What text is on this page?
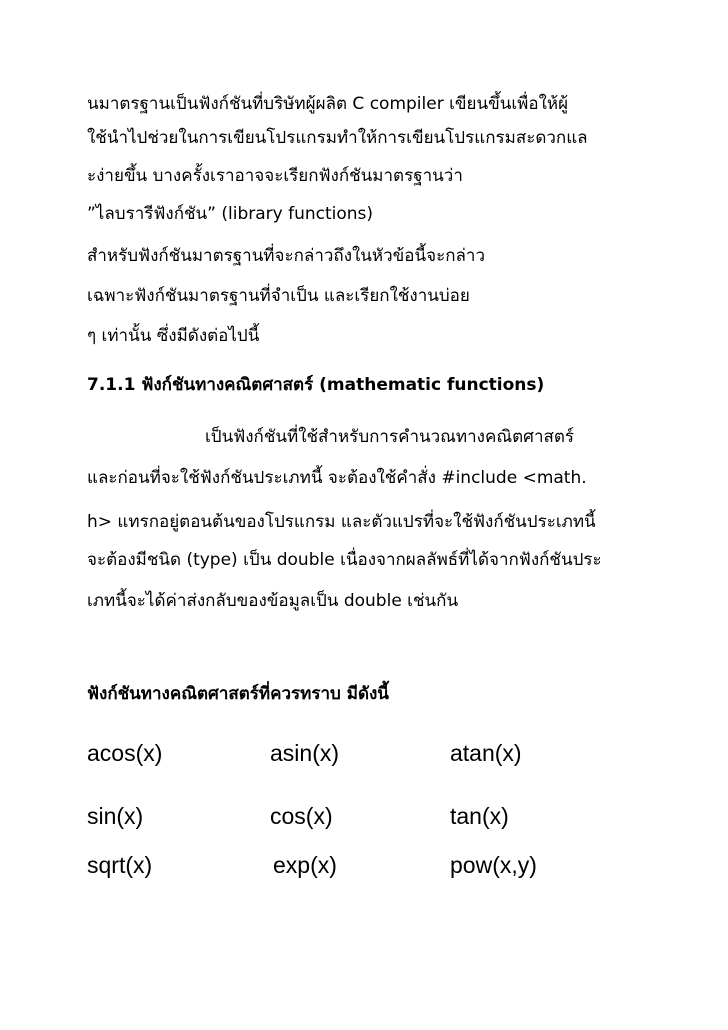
นมาตรฐานเป็นฟังก์ชันที่บริษัทผู้ผลิต C compiler เขียนขึ้นเพื่อให้ผู้
ใช้นำไปช่วยในการเขียนโปรแกรมทำให้การเขียนโปรแกรมสะดวกแล
ะง่ายขึ้น บางครั้งเราอาจจะเรียกฟังก์ชันมาตรฐานว่า
”ไลบรารีฟังก์ชัน” (library functions)
สำหรับฟังก์ชันมาตรฐานที่จะกล่าวถึงในหัวข้อนี้จะกล่าว
เฉพาะฟังก์ชันมาตรฐานที่จำเป็น และเรียกใช้งานบ่อย
ๆ เท่านั้น ซึ่งมีดังต่อไปนี้
7.1.1 ฟังก์ชันทางคณิตศาสตร์ (mathematic functions)
เป็นฟังก์ชันที่ใช้สำหรับการคำนวณทางคณิตศาสตร์
และก่อนที่จะใช้ฟังก์ชันประเภทนี้ จะต้องใช้คำสั่ง #include <math.
h> แทรกอยู่ตอนต้นของโปรแกรม และตัวแปรที่จะใช้ฟังก์ชันประเภทนี้
จะต้องมีชนิด (type) เป็น double เนื่องจากผลลัพธ์ที่ได้จากฟังก์ชันประ
เภทนี้จะได้ค่าส่งกลับของข้อมูลเป็น double เช่นกัน
ฟังก์ชันทางคณิตศาสตร์ที่ควรทราบ มีดังนี้
acos(x)	asin(x)	atan(x)
sin(x)	cos(x)	tan(x)
sqrt(x)	exp(x)	pow(x,y)
